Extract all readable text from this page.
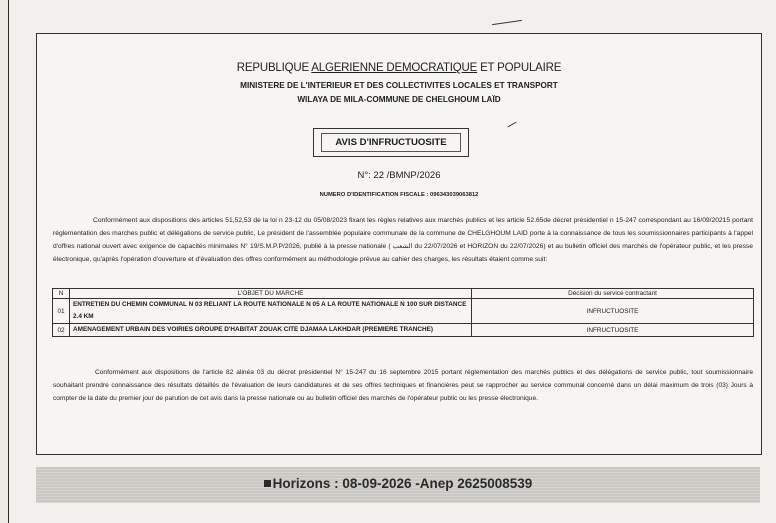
REPUBLIQUE ALGERIENNE DEMOCRATIQUE ET POPULAIRE
MINISTERE DE L'INTERIEUR ET DES COLLECTIVITES LOCALES ET TRANSPORT
WILAYA DE MILA-COMMUNE DE CHELGHOUM LAÏD
AVIS D'INFRUCTUOSITE
N°: 22 /BMNP/2026
NUMERO D'IDENTIFICATION FISCALE : 096343039063812
Conformément aux dispositions des articles 51,52,53 de la loi n 23-12 du 05/08/2023 fixant les règles relatives aux marchés publics et les article 52.65de décret présidentiel n 15-247 correspondant au 16/09/20215 portant réglementation des marches public et délégations de service public, Le président de l'assemblée populaire communale de la commune de CHELGHOUM LAID porte à la connaissance de tous les soumissionnaires participants à l'appel d'offres national ouvert avec exigence de capacités minimales N° 19/S.M.P.P/2026, publié à la presse nationale ( الشعب du 22/07/2026 et HORIZON du 22/07/2026) et au bulletin officiel des marchés de l'opérateur public, et les presse électronique, qu'après l'opération d'ouverture et d'évaluation des offres conformément au méthodologie prévue au cahier des charges, les résultats étaient comme suit:
N	L'OBJET DU MARCHE	Décision du service contractant
01	ENTRETIEN DU CHEMIN COMMUNAL N 03 RELIANT LA ROUTE NATIONALE N 05 A LA ROUTE NATIONALE N 100 SUR DISTANCE 2.4 KM	INFRUCTUOSITE
02	AMENAGEMENT URBAIN DES VOIRIES GROUPE D'HABITAT ZOUAK CITE DJAMAA LAKHDAR (PREMIERE TRANCHE)	INFRUCTUOSITE
Conformément aux dispositions de l'article 82 alinéa 03 du décret présidentiel N° 15-247 du 16 septembre 2015 portant réglementation des marchés publics et des délégations de service public, tout soumissionnaire souhaitant prendre connaissance des résultats détaillés de l'évaluation de leurs candidatures et de ses offres techniques et financières peut se rapprocher au service communal concerné dans un délai maximum de trois (03) Jours à compter de la date du premier jour de parution de cet avis dans la presse nationale ou au bulletin officiel des marchés de l'opérateur public ou les presse électronique.
Horizons : 08-09-2026 -Anep 2625008539
